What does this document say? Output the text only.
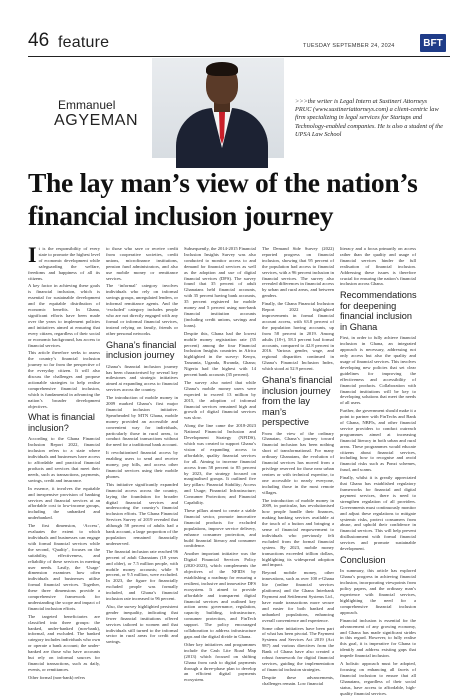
46 feature	TUESDAY SEPTEMBER 24, 2024	BFT
Emmanuel
AGYEMAN
>>>the writer is Legal Intern at Sustineri Attorneys PRUC (www.sustineriattorneys.com) a client-centric law firm specializing in legal services for Startups and Technology-enabled companies. He is also a student of the UPSA Law School
The lay man’s view of the nation’s financial inclusion journey

It is the responsibility of every state to promote the highest level of economic development while safeguarding the welfare, freedoms and happiness of all its citizens.

A key factor in achieving these goals is financial inclusion, which is essential for sustainable development and the equitable distribution of economic benefits. In Ghana, significant efforts have been made over the years to implement policies and initiatives aimed at ensuring that every citizen, regardless of their social or economic background, has access to financial services.

This article therefore seeks to assess the country’s financial inclusion journey so far from the perspective of the everyday citizen. It will also discuss the challenges and propose actionable strategies to help realise comprehensive financial inclusion, which is fundamental in advancing the nation’s broader development objectives.

What is financial inclusion?

According to the Ghana Financial Inclusion Report 2022, financial inclusion refers to a state where individuals and businesses have access to affordable and practical financial products and services that meet their needs, such as transactions, payments, savings, credit and insurance.

In essence, it involves the equitable and inexpensive provision of banking services and financial services at an affordable cost to low-income groups, including the unbanked and underbanked.

The first dimension, ‘Access’, evaluates the extent to which individuals and businesses can engage with formal financial services while the second, ‘Quality’, focuses on the suitability, effectiveness, and reliability of these services in meeting user needs. Lastly, the ‘Usage’ dimension examines how often individuals and businesses utilise formal financial services. Together, these three dimensions provide a comprehensive framework for understanding the scope and impact of financial inclusion efforts.

The targeted beneficiaries are classified into three groups: the banked, under-banked (non-bank), informal, and excluded. The banked category includes individuals who own or operate a bank account; the under-banked are those who have accounts but rely on informal sources for financial transactions, such as daily, events, or remittances.

Other formal (non-bank) refers

to those who save or receive credit from cooperative societies, credit unions, microfinance institutions, pension fund administrators, and also use mobile money or remittance services.

The ‘informal’ category involves individuals who rely on informal savings groups, unregulated lenders, or informal remittance agents. And the ‘excluded’ category includes people who are not directly engaged with any formal or informal financial services, instead relying on family, friends or other personal networks.

Ghana’s financial inclusion journey

Ghana’s financial inclusion journey has been characterised by several key milestones and strategic initiatives aimed at expanding access to financial services across the country.

The introduction of mobile money in 2009 marked Ghana’s first major financial inclusion initiative. Spearheaded by MTN Ghana, mobile money provided an accessible and convenient way for individuals, particularly those in rural areas, to conduct financial transactions without the need for a traditional bank account.

It revolutionised financial access by enabling users to send and receive money, pay bills, and access other financial services using their mobile phones.

This initiative significantly expanded financial access across the country, laying the foundation for broader digital financial services and underscoring the country’s financial inclusion efforts. The Ghana Financial Services Survey of 2019 revealed that although 58 percent of adults had a bank account, a large proportion of the population remained financially underserved.

The financial inclusion rate reached 96 percent of adult Ghanaians (18 years and older), or 7.5 million people, with mobile money accounts; while 9 percent, or 9.5 million, were excluded. In 2023, the figure for financially excluded people was formally included, and Ghana’s financial inclusion rate increased to 96 percent.

Also, the survey highlighted persistent gender inequality, indicating that fewer financial institutions offered services tailored to women and that individuals still turned to the informal sector in rural areas for credit and savings.

Subsequently, the 2014-2015 Financial Inclusion Insights Survey was also conducted to monitor access to and demand for financial services as well as the adoption and use of digital financial services (DFS). The survey found that 35 percent of adult Ghanaians held financial accounts, with 35 percent having bank accounts, 35 percent registered for mobile money and 5 percent using non-bank financial institution accounts (including credit unions, savings and loans).

Despite this, Ghana had the lowest mobile money registration rate (35 percent) among the four Financial Inclusion Insights countries in Africa highlighted in the survey: Kenya, Tanzania, Uganda, Rwanda, Ghana; Nigeria had the highest with 14 percent bank accounts (35 percent).

The survey also noted that while Ghana’s mobile money users were expected to exceed 13 million by 2015, the adoption of informal financial services remained high and growth of digital financial services was slow.

Along the line came the 2018-2023 National Financial Inclusion and Development Strategy (NFIDS), which was created to support Ghana’s vision of expanding access to affordable, quality financial services for all. Aiming to increase financial access from 58 percent to 85 percent by 2023, the strategy focused on marginalised groups. It outlined five key pillars: Financial Stability; Access and Usage; Financial Infrastructure; Consumer Protection; and Financial Capability.

These pillars aimed to create a stable financial sector, promote innovative financial products for excluded populations, improve service delivery, enhance consumer protection, and build financial literacy and consumer confidence.

Another important initiative was the Digital Financial Services Policy (2020-2023), which complements the objectives of the NFIDS by establishing a roadmap for ensuring a resilient, inclusive and innovative DFS ecosystem. It aimed to provide affordable and transparent digital financial services and outlined key action areas: governance, regulation, capacity building, infrastructure, consumer protection, and FinTech support. The policy encouraged collaboration to address infrastructure gaps and the digital divide in Ghana.

Other key initiatives and programmes include the Cash Lite Road Map (2013) which focused on shifting Ghana from cash to digital payments through a three-phase plan to develop an efficient digital payments ecosystem.

The Demand Side Survey (2022) reported progress on financial inclusion, showing that 95 percent of the population had access to financial services, with a 96 percent inclusion in financial services. The survey also revealed differences in financial access by urban and rural areas, and between genders.

Finally, the Ghana Financial Inclusion Report 2022 highlighted improvements in formal financial account access, with 63.8 percent of the population having accounts, up from 58 percent in 2019. Among adults (18+), 58.3 percent had formal accounts, compared to 42.8 percent in 2016. Various gender, wage, and regional disparities continued in Ghana’s Financial Inclusion Index, which stood at 52.9 percent.

Ghana’s financial inclusion journey from the lay man’s perspective

From the view of the ordinary Ghanaian, Ghana’s journey toward financial inclusion has been nothing short of transformational. For many ordinary Ghanaians, the evolution of financial services has moved from a privilege reserved for those near urban centres or with technical expertise, to one accessible to nearly everyone, including those in the most remote villages.

The introduction of mobile money in 2009, in particular, has revolutionised how people handle their finances, making banking services available at the touch of a button and bringing a sense of financial empowerment to individuals who previously felt excluded from the formal financial system. By 2023, mobile money transactions exceeded trillion dollars, highlighting its widespread adoption and impact.

Beyond mobile money, other innovations, such as over 100 e-Ghana lite (online financial services platforms) and the Ghana Interbank Payment and Settlement Systems Ltd., have made transactions more secure and easier for both banked and unbanked populations, enhancing overall convenience and experience.

Some other initiatives have been part of what has been pivotal. The Payment Systems and Services Act 2019 (Act 987) and various directives from the Bank of Ghana have also created a robust framework for digital financial services, guiding the implementation of financial inclusion strategies.

Despite these advancements, challenges remain. Low financial

literacy and a focus primarily on access rather than the quality and usage of financial services hinder the full realisation of financial inclusion. Addressing these issues is therefore crucial for ensuring the nation’s financial inclusion across Ghana.

Recommendations for deepening financial inclusion in Ghana

First, in order to fully achieve financial inclusion in Ghana, an integrated approach is necessary, addressing not only access but also the quality and usage of financial services. This involves developing new policies that set clear guidelines for improving the effectiveness and accessibility of financial products. Collaboration with financial institutions will be key to developing solutions that meet the needs of all users.

Further, the government should make it a point to partner with FinTechs and Bank of Ghana, NBFIs, and other financial service providers to conduct outreach programmes aimed at increasing financial literacy in both urban and rural areas. These programmes would educate citizens about financial services, including how to recognise and avoid financial risks such as Ponzi schemes, fraud, and scams.

Finally, whilst it is greatly appreciated that Ghana has established regulatory frameworks for financial and digital payment services, there is need to strengthen regulation of all providers. Governments must continuously monitor and adjust these regulations to mitigate systemic risks, protect consumers from abuse, and uphold their confidence in financial services. This will help prevent disillusionment with formal financial services and promote sustainable development.

Conclusion

In summary, this article has explored Ghana’s progress in achieving financial inclusion, incorporating viewpoints from policy papers, and the ordinary man’s experience with financial services, highlighting the need for a comprehensive financial inclusion approach.

Financial inclusion is essential for the advancement of any growing economy, and Ghana has made significant strides in this regard. However, to fully realise this goal, it is imperative for Ghana to identify and address existing gaps that impede financial inclusion.

A holistic approach must be adopted, focusing on enhancing all facets of financial inclusion to ensure that all Ghanaians, regardless of their social status, have access to affordable, high-quality financial services.
